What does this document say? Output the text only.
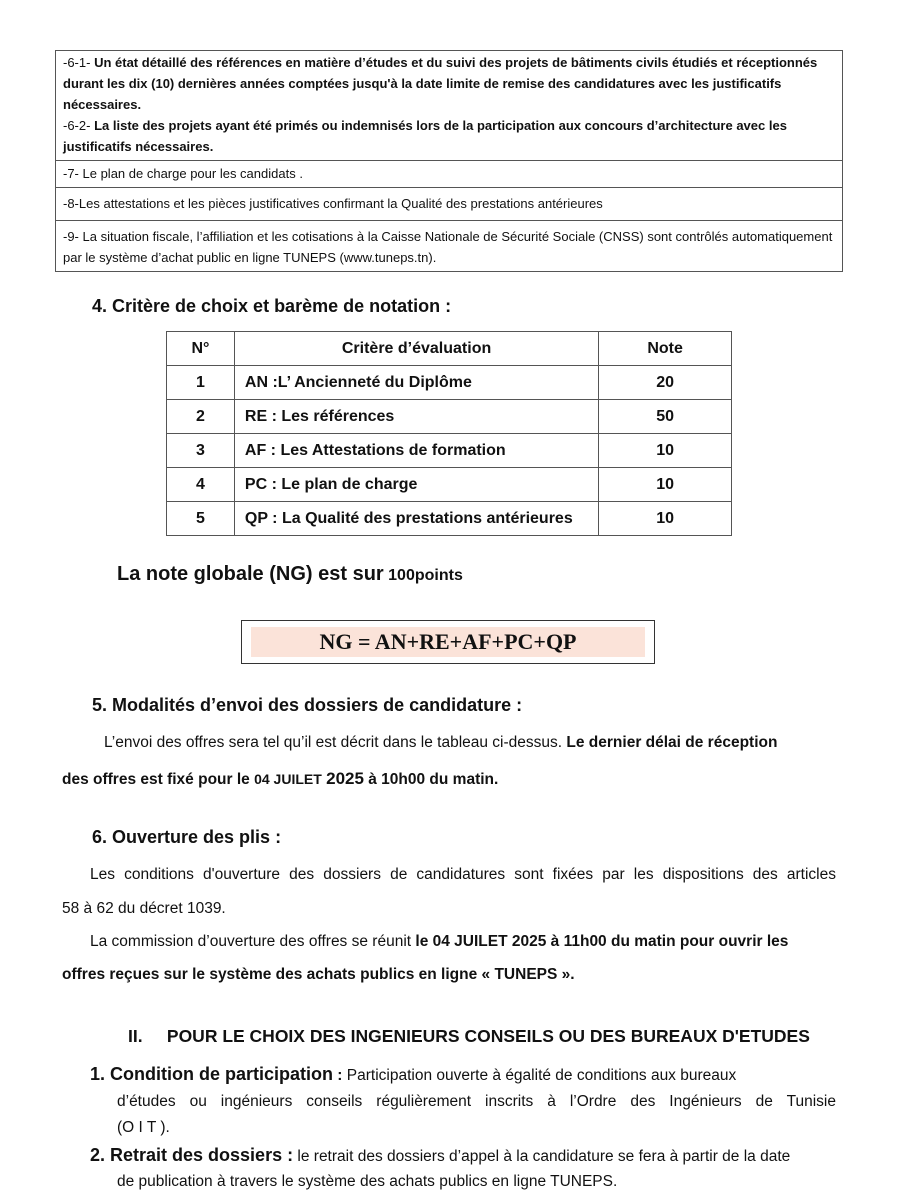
-6-1- Un état détaillé des références en matière d’études et du suivi des projets de bâtiments civils étudiés et réceptionnés durant les dix (10) dernières années comptées jusqu'à la date limite de remise des candidatures avec les justificatifs nécessaires.
-6-2- La liste des projets ayant été primés ou indemnisés lors de la participation aux concours d’architecture avec les justificatifs nécessaires.
-7- Le plan de charge pour les candidats .
-8-Les attestations et les pièces justificatives confirmant la Qualité des prestations antérieures
-9- La situation fiscale, l’affiliation et les cotisations à la Caisse Nationale de Sécurité Sociale (CNSS) sont contrôlés automatiquement par le système d’achat public en ligne TUNEPS (www.tuneps.tn).
4. Critère de choix et barème de notation :
N°	Critère d’évaluation	Note
1	AN :L’ Ancienneté du Diplôme	20
2	RE : Les références	50
3	AF : Les Attestations de formation	10
4	PC : Le plan de charge	10
5	QP : La Qualité des prestations antérieures	10
La note globale (NG) est sur 100points
NG = AN+RE+AF+PC+QP
5. Modalités d’envoi des dossiers de candidature :

L’envoi des offres sera tel qu’il est décrit dans le tableau ci-dessus. Le dernier délai de réception

des offres est fixé pour le 04 JUILET 2025 à 10h00 du matin.

6. Ouverture des plis :

Les conditions d'ouverture des dossiers de candidatures sont fixées par les dispositions des articles

58 à 62 du décret 1039.

La commission d’ouverture des offres se réunit le 04 JUILET 2025 à 11h00 du matin pour ouvrir les

offres reçues sur le système des achats publics en ligne « TUNEPS ».

II.     POUR LE CHOIX DES INGENIEURS CONSEILS OU DES BUREAUX D'ETUDES

1. Condition de participation : Participation ouverte à égalité de conditions aux bureaux

d’études ou ingénieurs conseils régulièrement inscrits à l’Ordre des Ingénieurs de Tunisie

(O I T ).

2. Retrait des dossiers : le retrait des dossiers d’appel à la candidature se fera à partir de la date

de publication à travers le système des achats publics en ligne TUNEPS.
